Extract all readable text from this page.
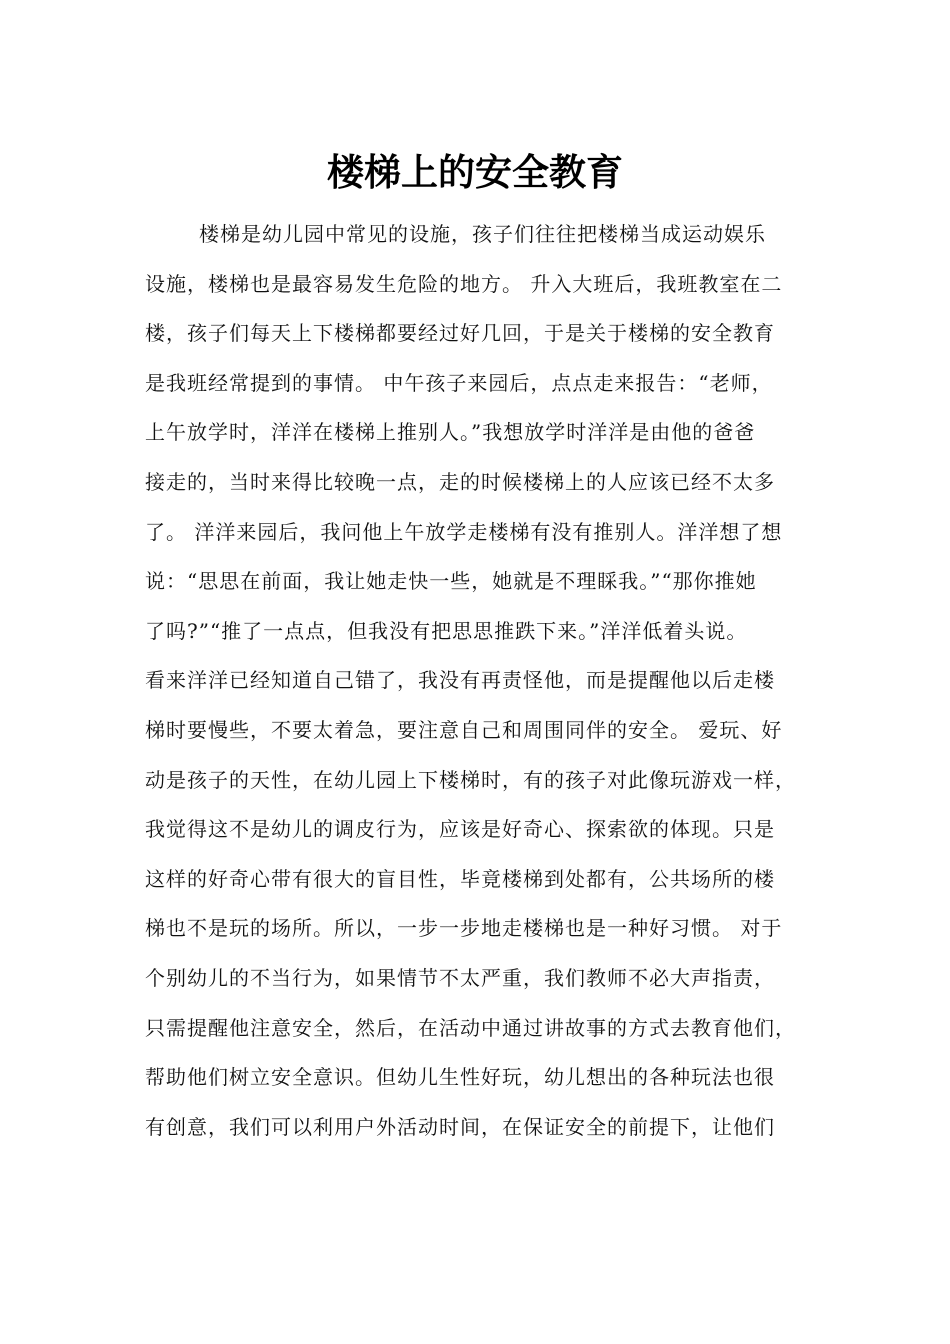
楼梯上的安全教育
楼梯是幼儿园中常见的设施，孩子们往往把楼梯当成运动娱乐
设施，楼梯也是最容易发生危险的地方。 升入大班后，我班教室在二
楼，孩子们每天上下楼梯都要经过好几回，于是关于楼梯的安全教育
是我班经常提到的事情。 中午孩子来园后，点点走来报告：“老师，
上午放学时，洋洋在楼梯上推别人。”我想放学时洋洋是由他的爸爸
接走的，当时来得比较晚一点，走的时候楼梯上的人应该已经不太多
了。 洋洋来园后，我问他上午放学走楼梯有没有推别人。洋洋想了想
说：“思思在前面，我让她走快一些，她就是不理睬我。”“那你推她
了吗?”“推了一点点，但我没有把思思推跌下来。”洋洋低着头说。
看来洋洋已经知道自己错了，我没有再责怪他，而是提醒他以后走楼
梯时要慢些，不要太着急，要注意自己和周围同伴的安全。 爱玩、好
动是孩子的天性，在幼儿园上下楼梯时，有的孩子对此像玩游戏一样，
我觉得这不是幼儿的调皮行为，应该是好奇心、探索欲的体现。只是
这样的好奇心带有很大的盲目性，毕竟楼梯到处都有，公共场所的楼
梯也不是玩的场所。所以，一步一步地走楼梯也是一种好习惯。 对于
个别幼儿的不当行为，如果情节不太严重，我们教师不必大声指责，
只需提醒他注意安全，然后，在活动中通过讲故事的方式去教育他们，
帮助他们树立安全意识。但幼儿生性好玩，幼儿想出的各种玩法也很
有创意，我们可以利用户外活动时间，在保证安全的前提下，让他们
